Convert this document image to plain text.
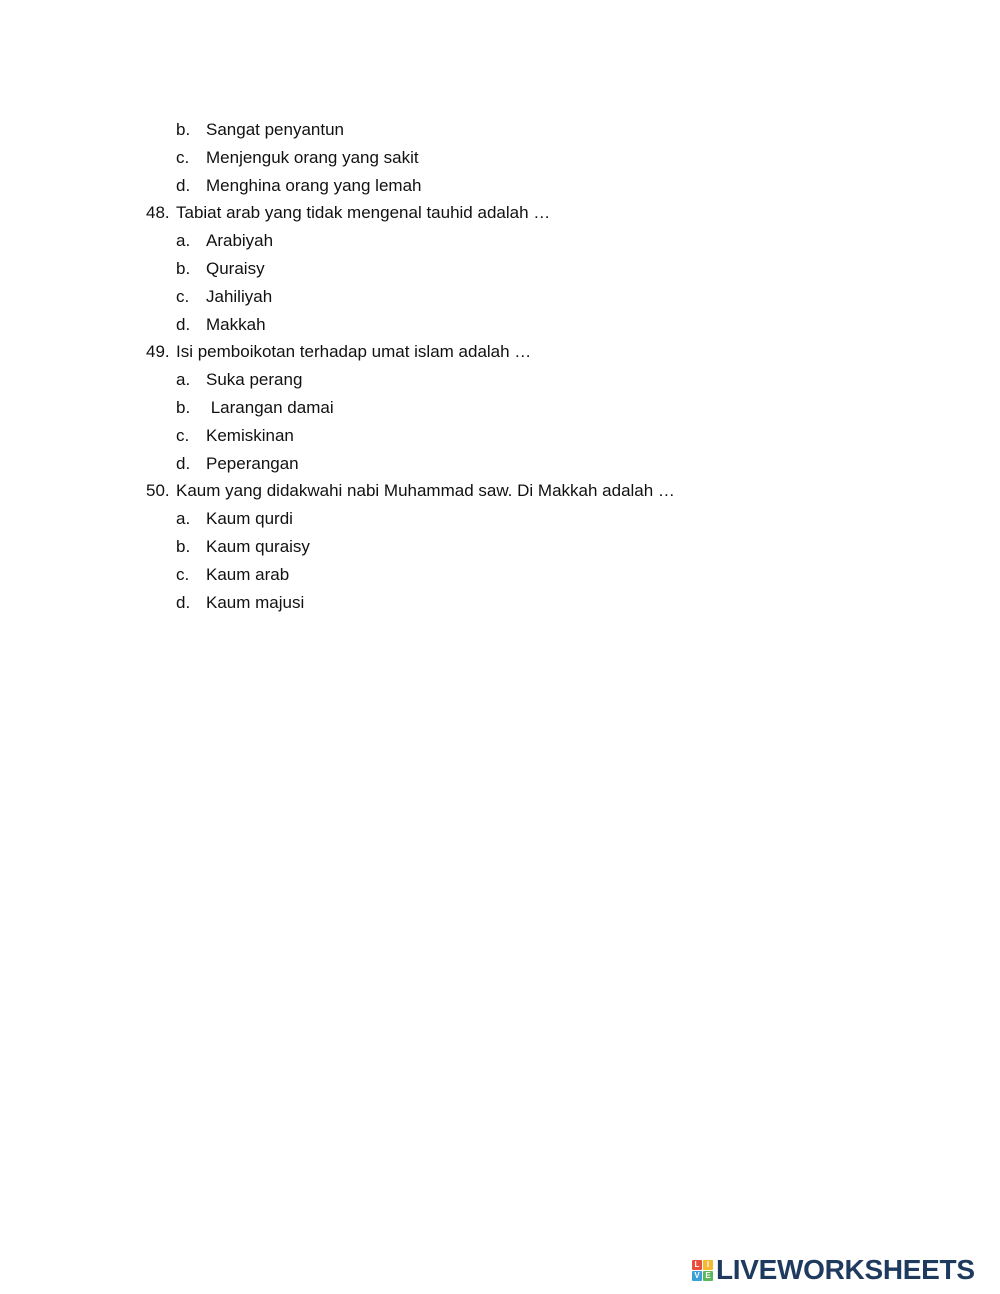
b. Sangat penyantun
c. Menjenguk orang yang sakit
d. Menghina orang yang lemah
48. Tabiat arab yang tidak mengenal tauhid adalah …
a. Arabiyah
b. Quraisy
c. Jahiliyah
d. Makkah
49. Isi pemboikotan terhadap umat islam adalah …
a. Suka perang
b. Larangan damai
c. Kemiskinan
d. Peperangan
50. Kaum yang didakwahi nabi Muhammad saw. Di Makkah adalah …
a. Kaum qurdi
b. Kaum quraisy
c. Kaum arab
d. Kaum majusi
L I
V E LIVEWORKSHEETS
